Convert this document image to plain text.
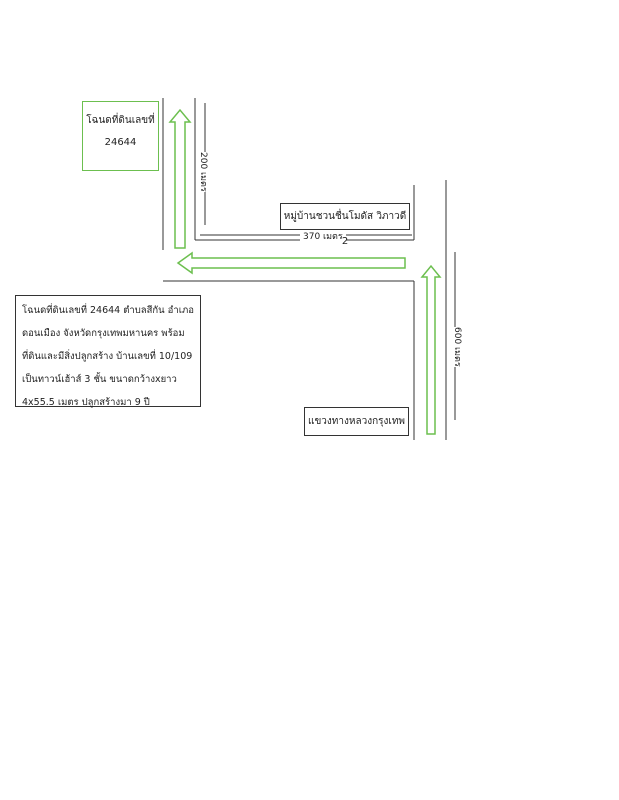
โฉนดที่ดินเลขที่
24644
200 เมตร
370 เมตร
600 เมตร
หมู่บ้านชวนชื่นโมดัส วิภาวดี 2
แขวงทางหลวงกรุงเทพ
โฉนดที่ดินเลขที่ 24644 ตำบลสีกัน อำเภอ
ดอนเมือง จังหวัดกรุงเทพมหานคร พร้อม
ที่ดินและมีสิ่งปลูกสร้าง บ้านเลขที่ 10/109
เป็นทาวน์เฮ้าส์ 3 ชั้น ขนาดกว้างxยาว
4x55.5 เมตร ปลูกสร้างมา 9 ปี
